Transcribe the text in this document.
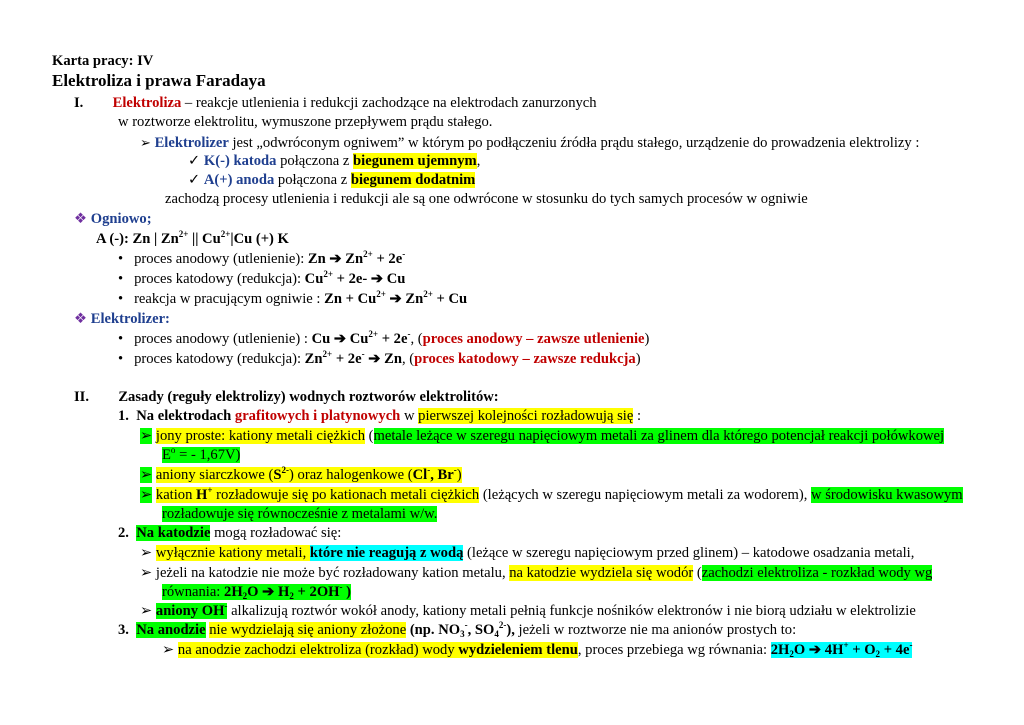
Karta pracy: IV
Elektroliza i prawa Faradaya
I. Elektroliza – reakcje utlenienia i redukcji zachodzące na elektrodach zanurzonych
w roztworze elektrolitu, wymuszone przepływem prądu stałego.
➢ Elektrolizer jest „odwróconym ogniwem” w którym po podłączeniu źródła prądu stałego, urządzenie do prowadzenia elektrolizy :
✓ K(-) katoda połączona z biegunem ujemnym,
✓ A(+) anoda połączona z biegunem dodatnim
zachodzą procesy utlenienia i redukcji ale są one odwrócone w stosunku do tych samych procesów w ogniwie
❖ Ogniowo;
A (-): Zn | $Zn^{2+}$ || $Cu^{2+}|Cu$ (+) K
• proces anodowy (utlenienie): Zn ➔ $Zn^{2+} + 2e^-$
• proces katodowy (redukcja): $Cu^{2+} + 2e-$ ➔ Cu
• reakcja w pracującym ogniwie : $Zn + Cu^{2+}$ ➔ $Zn^{2+} + Cu$
❖ Elektrolizer:
• proces anodowy (utlenienie) : Cu ➔ $Cu^{2+} + 2e^-$, (proces anodowy – zawsze utlenienie)
• proces katodowy (redukcja): $Zn^{2+} + 2e^-$ ➔ Zn, (proces katodowy – zawsze redukcja)
II. Zasady (reguły elektrolizy) wodnych roztworów elektrolitów:
1. Na elektrodach grafitowych i platynowych w pierwszej kolejności rozładowują się :
➢ jony proste: kationy metali ciężkich (metale leżące w szeregu napięciowym metali za glinem dla którego potencjał reakcji połówkowej
$E^o$ = - 1,67V)
➢ aniony siarczkowe $(S^{2-})$ oraz halogenkowe (Cl-, Br-)
➢ kation H+ rozładowuje się po kationach metali ciężkich (leżących w szeregu napięciowym metali za wodorem), w środowisku kwasowym
rozładowuje się równocześnie z metalami w/w.
2. Na katodzie mogą rozładować się:
➢ wyłącznie kationy metali, które nie reagują z wodą (leżące w szeregu napięciowym przed glinem) – katodowe osadzania metali,
➢ jeżeli na katodzie nie może być rozładowany kation metalu, na katodzie wydziela się wodór (zachodzi elektroliza - rozkład wody wg
równania: $2H_2O$ ➔ $H_2 + 2OH^-$ )
➢ aniony OH- alkalizują roztwór wokół anody, kationy metali pełnią funkcje nośników elektronów i nie biorą udziału w elektrolizie
3. Na anodzie nie wydzielają się aniony złożone (np. $NO_3^-$, $SO_4^{2-}$), jeżeli w roztworze nie ma anionów prostych to:
➢ na anodzie zachodzi elektroliza (rozkład) wody wydzieleniem tlenu, proces przebiega wg równania: $2H_2O$ ➔ $4H^+ + O_2 + 4e^-$
